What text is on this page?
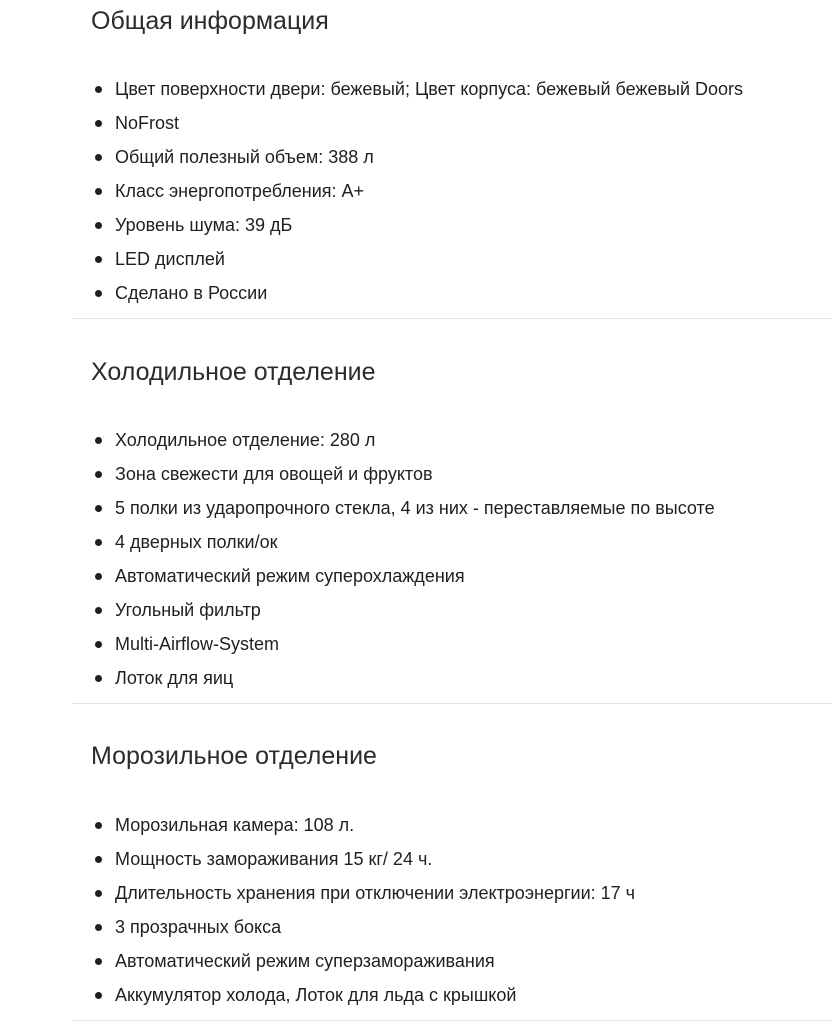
Общая информация
Цвет поверхности двери: бежевый; Цвет корпуса: бежевый бежевый Doors
NoFrost
Общий полезный объем: 388 л
Класс энергопотребления: A+
Уровень шума: 39 дБ
LED дисплей
Сделано в России
Холодильное отделение
Холодильное отделение: 280 л
Зона свежести для овощей и фруктов
5 полки из ударопрочного стекла, 4 из них - переставляемые по высоте
4 дверных полки/ок
Автоматический режим суперохлаждения
Угольный фильтр
Multi-Airflow-System
Лоток для яиц
Морозильное отделение
Морозильная камера: 108 л.
Мощность замораживания 15 кг/ 24 ч.
Длительность хранения при отключении электроэнергии: 17 ч
3 прозрачных бокса
Автоматический режим суперзамораживания
Аккумулятор холода, Лоток для льда с крышкой
